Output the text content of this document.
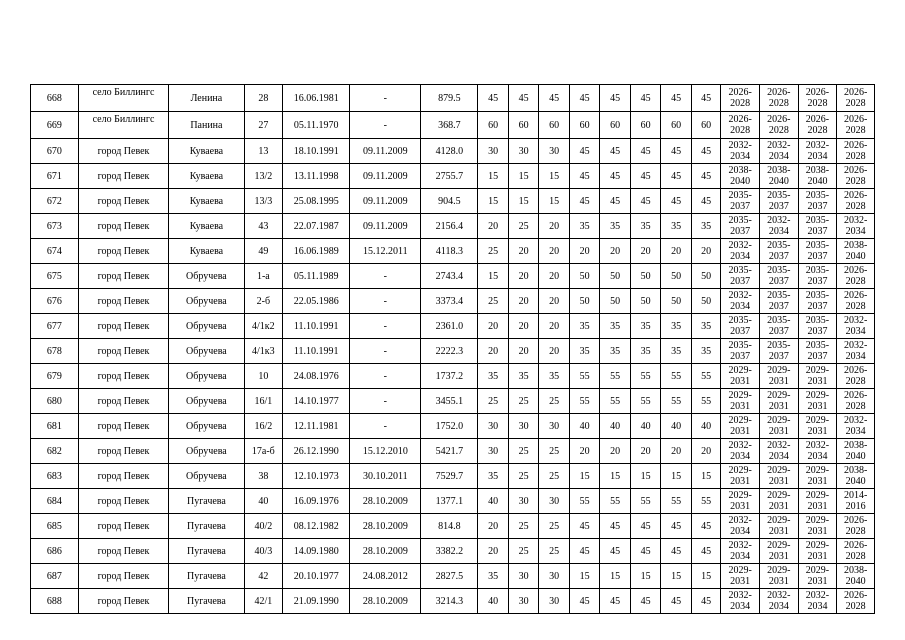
668	село Биллингс	Ленина	28	16.06.1981	-	879.5	45	45	45	45	45	45	45	45	2026-2028	2026-2028	2026-2028	2026-2028
669	село Биллингс	Панина	27	05.11.1970	-	368.7	60	60	60	60	60	60	60	60	2026-2028	2026-2028	2026-2028	2026-2028
670	город Певек	Куваева	13	18.10.1991	09.11.2009	4128.0	30	30	30	45	45	45	45	45	2032-2034	2032-2034	2032-2034	2026-2028
671	город Певек	Куваева	13/2	13.11.1998	09.11.2009	2755.7	15	15	15	45	45	45	45	45	2038-2040	2038-2040	2038-2040	2026-2028
672	город Певек	Куваева	13/3	25.08.1995	09.11.2009	904.5	15	15	15	45	45	45	45	45	2035-2037	2035-2037	2035-2037	2026-2028
673	город Певек	Куваева	43	22.07.1987	09.11.2009	2156.4	20	25	20	35	35	35	35	35	2035-2037	2032-2034	2035-2037	2032-2034
674	город Певек	Куваева	49	16.06.1989	15.12.2011	4118.3	25	20	20	20	20	20	20	20	2032-2034	2035-2037	2035-2037	2038-2040
675	город Певек	Обручева	1-а	05.11.1989	-	2743.4	15	20	20	50	50	50	50	50	2035-2037	2035-2037	2035-2037	2026-2028
676	город Певек	Обручева	2-б	22.05.1986	-	3373.4	25	20	20	50	50	50	50	50	2032-2034	2035-2037	2035-2037	2026-2028
677	город Певек	Обручева	4/1к2	11.10.1991	-	2361.0	20	20	20	35	35	35	35	35	2035-2037	2035-2037	2035-2037	2032-2034
678	город Певек	Обручева	4/1к3	11.10.1991	-	2222.3	20	20	20	35	35	35	35	35	2035-2037	2035-2037	2035-2037	2032-2034
679	город Певек	Обручева	10	24.08.1976	-	1737.2	35	35	35	55	55	55	55	55	2029-2031	2029-2031	2029-2031	2026-2028
680	город Певек	Обручева	16/1	14.10.1977	-	3455.1	25	25	25	55	55	55	55	55	2029-2031	2029-2031	2029-2031	2026-2028
681	город Певек	Обручева	16/2	12.11.1981	-	1752.0	30	30	30	40	40	40	40	40	2029-2031	2029-2031	2029-2031	2032-2034
682	город Певек	Обручева	17а-б	26.12.1990	15.12.2010	5421.7	30	25	25	20	20	20	20	20	2032-2034	2032-2034	2032-2034	2038-2040
683	город Певек	Обручева	38	12.10.1973	30.10.2011	7529.7	35	25	25	15	15	15	15	15	2029-2031	2029-2031	2029-2031	2038-2040
684	город Певек	Пугачева	40	16.09.1976	28.10.2009	1377.1	40	30	30	55	55	55	55	55	2029-2031	2029-2031	2029-2031	2014-2016
685	город Певек	Пугачева	40/2	08.12.1982	28.10.2009	814.8	20	25	25	45	45	45	45	45	2032-2034	2029-2031	2029-2031	2026-2028
686	город Певек	Пугачева	40/3	14.09.1980	28.10.2009	3382.2	20	25	25	45	45	45	45	45	2032-2034	2029-2031	2029-2031	2026-2028
687	город Певек	Пугачева	42	20.10.1977	24.08.2012	2827.5	35	30	30	15	15	15	15	15	2029-2031	2029-2031	2029-2031	2038-2040
688	город Певек	Пугачева	42/1	21.09.1990	28.10.2009	3214.3	40	30	30	45	45	45	45	45	2032-2034	2032-2034	2032-2034	2026-2028
